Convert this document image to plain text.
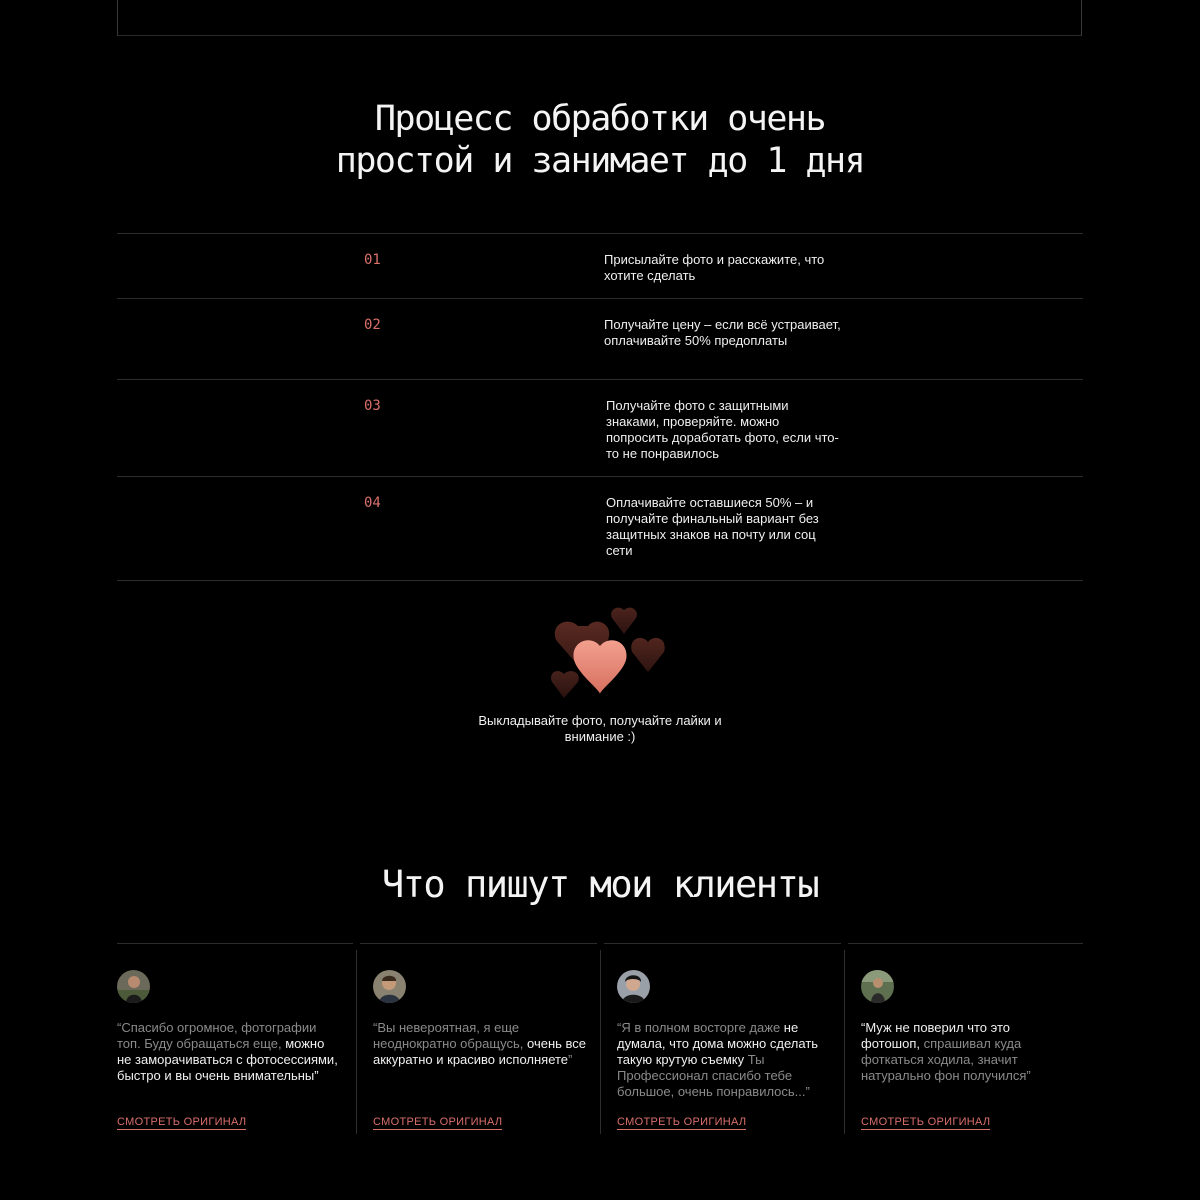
Процесс обработки очень
простой и занимает до 1 дня
01	Присылайте фото и расскажите, что хотите сделать
02	Получайте цену – если всё устраивает, оплачивайте 50% предоплаты
03	Получайте фото с защитными знаками, проверяйте. можно попросить доработать фото, если что-то не понравилось
04	Оплачивайте оставшиеся 50% – и получайте финальный вариант без защитных знаков на почту или соц сети
Выкладывайте фото, получайте лайки и внимание :)
Что пишут мои клиенты
“Спасибо огромное, фотографии топ. Буду обращаться еще, можно не заморачиваться с фотосессиями, быстро и вы очень внимательны”
СМОТРЕТЬ ОРИГИНАЛ
“Вы невероятная, я еще неоднократно обращусь, очень все аккуратно и красиво исполняете”
СМОТРЕТЬ ОРИГИНАЛ
“Я в полном восторге даже не думала, что дома можно сделать такую крутую съемку Ты Профессионал спасибо тебе большое, очень понравилось...”
СМОТРЕТЬ ОРИГИНАЛ
“Муж не поверил что это фотошоп, спрашивал куда фоткаться ходила, значит натурально фон получился”
СМОТРЕТЬ ОРИГИНАЛ
